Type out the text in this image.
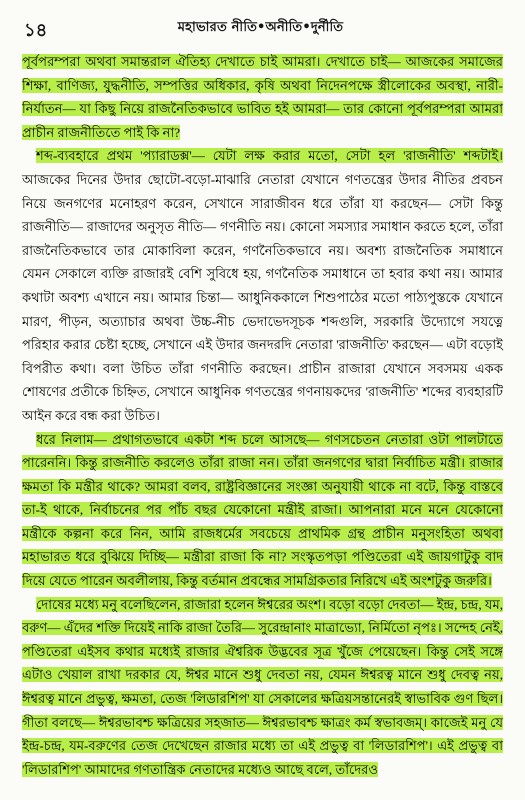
১৪	মহাভারত নীতি•অনীতি•দুর্নীতি

পূর্বপরম্পরা অথবা সমান্তরাল ঐতিহ্য দেখাতে চাই আমরা। দেখাতে চাই— আজকের সমাজের শিক্ষা, বাণিজ্য, যুদ্ধনীতি, সম্পত্তির অধিকার, কৃষি অথবা নিদেনপক্ষে স্ত্রীলোকের অবস্থা, নারী-নির্যাতন— যা কিছু নিয়ে রাজনৈতিকভাবে ভাবিত হই আমরা— তার কোনো পূর্বপরম্পরা আমরা প্রাচীন রাজনীতিতে পাই কি না?

শব্দ-ব্যবহারে প্রথম 'প্যারাডক্স'— যেটা লক্ষ করার মতো, সেটা হল 'রাজনীতি' শব্দটাই। আজকের দিনের উদার ছোটো-বড়ো-মাঝারি নেতারা যেখানে গণতন্ত্রের উদার নীতির প্রবচন নিয়ে জনগণের মনোহরণ করেন, সেখানে সারাজীবন ধরে তাঁরা যা করছেন— সেটা কিন্তু রাজনীতি— রাজাদের অনুসৃত নীতি— গণনীতি নয়। কোনো সমস্যার সমাধান করতে হলে, তাঁরা রাজনৈতিকভাবে তার মোকাবিলা করেন, গণনৈতিকভাবে নয়। অবশ্য রাজনৈতিক সমাধানে যেমন সেকালে ব্যক্তি রাজারই বেশি সুবিধে হয়, গণনৈতিক সমাধানে তা হবার কথা নয়। আমার কথাটা অবশ্য এখানে নয়। আমার চিন্তা— আধুনিককালে শিশুপাঠের মতো পাঠ্যপুস্তকে যেখানে মারণ, পীড়ন, অত্যাচার অথবা উচ্চ-নীচ ভেদাভেদসূচক শব্দগুলি, সরকারি উদ্যোগে সযত্নে পরিহার করার চেষ্টা হচ্ছে, সেখানে এই উদার জনদরদি নেতারা 'রাজনীতি' করছেন— এটা বড়োই বিপরীত কথা। বলা উচিত তাঁরা গণনীতি করছেন। প্রাচীন রাজারা যেখানে সবসময় একক শোষণের প্রতীকে চিহ্নিত, সেখানে আধুনিক গণতন্ত্রের গণনায়কদের 'রাজনীতি' শব্দের ব্যবহারটি আইন করে বন্ধ করা উচিত।

ধরে নিলাম— প্রথাগতভাবে একটা শব্দ চলে আসছে— গণসচেতন নেতারা ওটা পালটাতে পারেননি। কিন্তু রাজনীতি করলেও তাঁরা রাজা নন। তাঁরা জনগণের দ্বারা নির্বাচিত মন্ত্রী। রাজার ক্ষমতা কি মন্ত্রীর থাকে? আমরা বলব, রাষ্ট্রবিজ্ঞানের সংজ্ঞা অনুযায়ী থাকে না বটে, কিন্তু বাস্তবে তা-ই থাকে, নির্বাচনের পর পাঁচ বছর যেকোনো মন্ত্রীই রাজা। আপনারা মনে মনে যেকোনো মন্ত্রীকে কল্পনা করে নিন, আমি রাজধর্মের সবচেয়ে প্রাথমিক গ্রন্থ প্রাচীন মনুসংহিতা অথবা মহাভারত ধরে বুঝিয়ে দিচ্ছি— মন্ত্রীরা রাজা কি না? সংস্কৃতপড়া পণ্ডিতেরা এই জায়গাটুকু বাদ দিয়ে যেতে পারেন অবলীলায়, কিন্তু বর্তমান প্রবন্ধের সামগ্রিকতার নিরিখে এই অংশটুকু জরুরি।

দোষের মধ্যে মনু বলেছিলেন, রাজারা হলেন ঈশ্বরের অংশ। বড়ো বড়ো দেবতা— ইন্দ্র, চন্দ্র, যম, বরুণ— এঁদের শক্তি দিয়েই নাকি রাজা তৈরি— সুরেন্দ্রানাং মাত্রাভ্যো, নির্মিতো নৃপঃ। সন্দেহ নেই, পণ্ডিতেরা এইসব কথার মধ্যেই রাজার ঐশ্বরিক উদ্ভবের সূত্র খুঁজে পেয়েছেন। কিন্তু সেই সঙ্গে এটাও খেয়াল রাখা দরকার যে, ঈশ্বর মানে শুধু দেবতা নয়, যেমন ঈশ্বরত্ব মানে শুধু দেবত্ব নয়, ঈশ্বরত্ব মানে প্রভুত্ব, ক্ষমতা, তেজ 'লিডারশিপ' যা সেকালের ক্ষত্রিয়সন্তানেরই স্বাভাবিক গুণ ছিল। গীতা বলছে— ঈশ্বরভাবশ্চ ক্ষত্রিয়ের সহজাত— ঈশ্বরভাবশ্চ ক্ষাত্রং কর্ম স্বভাবজম্। কাজেই মনু যে ইন্দ্র-চন্দ্র, যম-বরুণের তেজ দেখেছেন রাজার মধ্যে তা এই প্রভুত্ব বা 'লিডারশিপ'। এই প্রভুত্ব বা 'লিডারশিপ' আমাদের গণতান্ত্রিক নেতাদের মধ্যেও আছে বলে, তাঁদেরও
